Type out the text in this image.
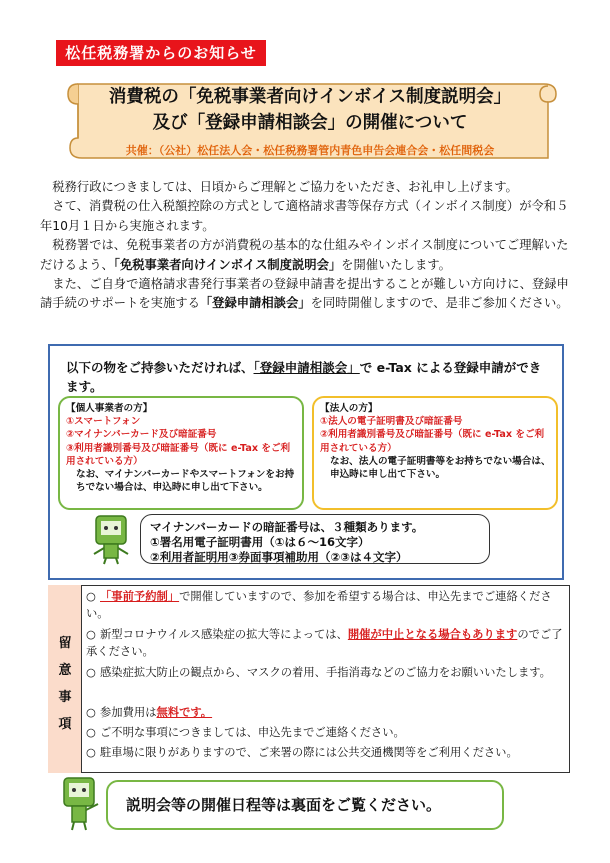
松任税務署からのお知らせ
消費税の「免税事業者向けインボイス制度説明会」
及び「登録申請相談会」の開催について
共催：（公社）松任法人会・松任税務署管内青色申告会連合会・松任間税会

税務行政につきましては、日頃からご理解とご協力をいただき、お礼申し上げます。

さて、消費税の仕入税額控除の方式として適格請求書等保存方式（インボイス制度）が令和５年10月１日から実施されます。

税務署では、免税事業者の方が消費税の基本的な仕組みやインボイス制度についてご理解いただけるよう、「免税事業者向けインボイス制度説明会」を開催いたします。

また、ご自身で適格請求書発行事業者の登録申請書を提出することが難しい方向けに、登録申請手続のサポートを実施する「登録申請相談会」を同時開催しますので、是非ご参加ください。

以下の物をご持参いただければ、「登録申請相談会」で e-Tax による登録申請ができます。
【個人事業者の方】
①スマートフォン
②マイナンバーカード及び暗証番号
③利用者識別番号及び暗証番号（既に e-Tax をご利用されている方）
なお、マイナンバーカードやスマートフォンをお持ちでない場合は、申込時に申し出て下さい。
【法人の方】
①法人の電子証明書及び暗証番号
②利用者識別番号及び暗証番号（既に e-Tax をご利用されている方）
なお、法人の電子証明書等をお持ちでない場合は、申込時に申し出て下さい。
マイナンバーカードの暗証番号は、３種類あります。
①署名用電子証明書用（①は６～16文字）
②利用者証明用③券面事項補助用（②③は４文字）
留
意
事
項
○ 「事前予約制」で開催していますので、参加を希望する場合は、申込先までご連絡ください。
○ 新型コロナウイルス感染症の拡大等によっては、開催が中止となる場合もありますのでご了承ください。
○ 感染症拡大防止の観点から、マスクの着用、手指消毒などのご協力をお願いいたします。
○ 参加費用は無料です。
○ ご不明な事項につきましては、申込先までご連絡ください。
○ 駐車場に限りがありますので、ご来署の際には公共交通機関等をご利用ください。
説明会等の開催日程等は裏面をご覧ください。
